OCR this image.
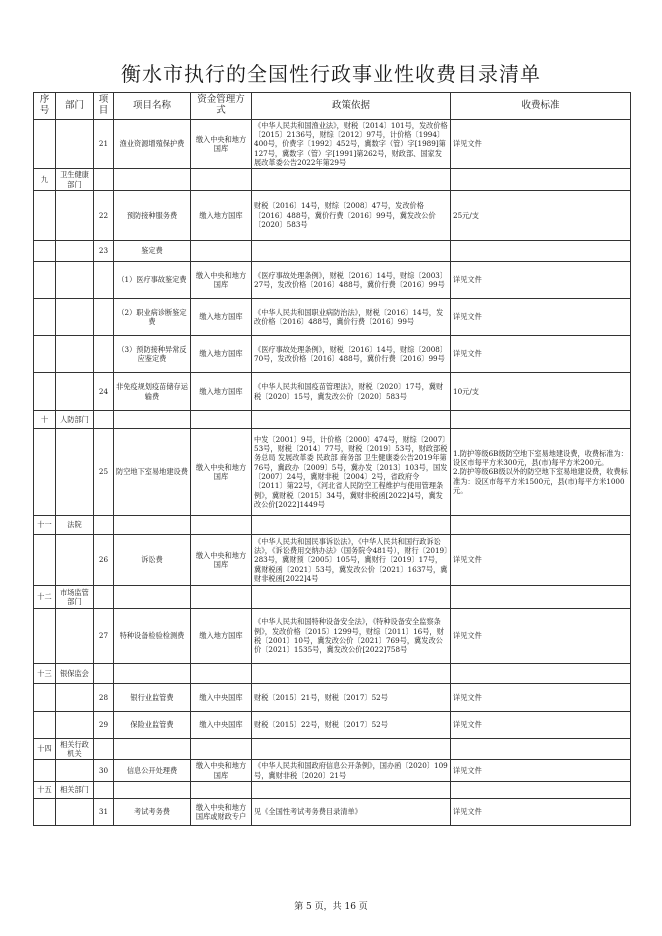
衡水市执行的全国性行政事业性收费目录清单
序号	部门	项目	项目名称	资金管理方式	政策依据	收费标准
		21	渔业资源增殖保护费	缴入中央和地方国库	《中华人民共和国渔业法》，财税〔2014〕101号，发改价格〔2015〕2136号，财综〔2012〕97号，计价格〔1994〕400号，价费字〔1992〕452号，冀数字（管）字[1989]第127号，冀数字（管）字[1991]第262号，财政部、国家发展改革委公告2022年第29号	详见文件
九	卫生健康部门					
		22	预防接种服务费	缴入地方国库	财税〔2016〕14号，财综〔2008〕47号，发改价格〔2016〕488号，冀价行费〔2016〕99号，冀发改公价〔2020〕583号	25元/支
		23	鉴定费			
			（1）医疗事故鉴定费	缴入中央和地方国库	《医疗事故处理条例》，财税〔2016〕14号，财综〔2003〕27号，发改价格〔2016〕488号，冀价行费〔2016〕99号	详见文件
			（2）职业病诊断鉴定费	缴入地方国库	《中华人民共和国职业病防治法》，财税〔2016〕14号，发改价格〔2016〕488号，冀价行费〔2016〕99号	详见文件
			（3）预防接种异常反应鉴定费	缴入地方国库	《医疗事故处理条例》，财税〔2016〕14号，财综〔2008〕70号，发改价格〔2016〕488号，冀价行费〔2016〕99号	详见文件
		24	非免疫规划疫苗储存运输费	缴入地方国库	《中华人民共和国疫苗管理法》，财税〔2020〕17号，冀财税〔2020〕15号，冀发改公价〔2020〕583号	10元/支
十	人防部门					
		25	防空地下室易地建设费	缴入中央和地方国库	中发〔2001〕9号，计价格〔2000〕474号，财综〔2007〕53号，财税〔2014〕77号，财税〔2019〕53号，财政部税务总局 发展改革委 民政部 商务部 卫生健康委公告2019年第76号，冀政办〔2009〕5号，冀办发〔2013〕103号，国发〔2007〕24号，冀财非税〔2004〕2号，省政府令〔2011〕第22号，《河北省人民防空工程维护与使用管理条例》，冀财税〔2015〕34号，冀财非税函[2022]4号，冀发改公价[2022]1449号	1.防护等级6B级防空地下室易地建设费，收费标准为：设区市每平方米300元，县(市)每平方米200元。
2.防护等级6B级以外的防空地下室易地建设费，收费标准为：设区市每平方米1500元，县(市)每平方米1000元。
十一	法院					
		26	诉讼费	缴入中央和地方国库	《中华人民共和国民事诉讼法》，《中华人民共和国行政诉讼法》，《诉讼费用交纳办法》（国务院令481号），财行〔2019〕283号，冀财预〔2005〕105号，冀财行〔2019〕17号，冀财税函〔2021〕53号，冀发改公价〔2021〕1637号，冀财非税函[2022]4号	详见文件
十二	市场监管部门					
		27	特种设备检验检测费	缴入地方国库	《中华人民共和国特种设备安全法》，《特种设备安全监察条例》，发改价格〔2015〕1299号，财综〔2011〕16号，财税〔2001〕10号，冀发改公价〔2021〕769号，冀发改公价〔2021〕1535号，冀发改公价[2022]758号	详见文件
十三	银保监会					
		28	银行业监管费	缴入中央国库	财税〔2015〕21号，财税〔2017〕52号	详见文件
		29	保险业监管费	缴入中央国库	财税〔2015〕22号，财税〔2017〕52号	详见文件
十四	相关行政机关					
		30	信息公开处理费	缴入中央和地方国库	《中华人民共和国政府信息公开条例》，国办函〔2020〕109号，冀财非税〔2020〕21号	详见文件
十五	相关部门					
		31	考试考务费	缴入中央和地方国库或财政专户	见《全国性考试考务费目录清单》	详见文件
第 5 页，共 16 页
